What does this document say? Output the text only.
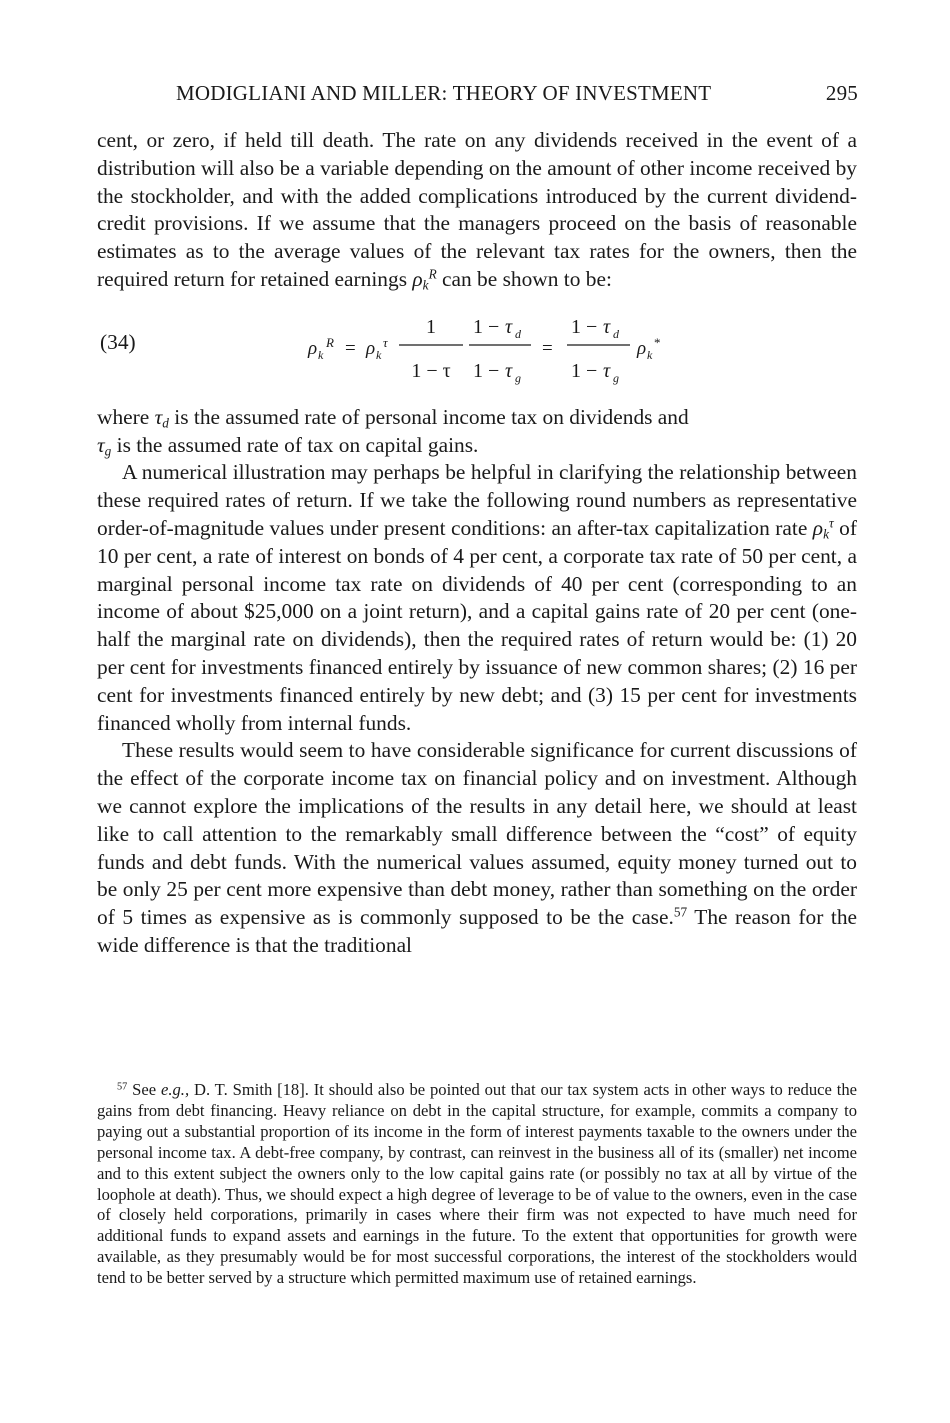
MODIGLIANI AND MILLER: THEORY OF INVESTMENT	295

cent, or zero, if held till death. The rate on any dividends received in the event of a distribution will also be a variable depending on the amount of other income received by the stockholder, and with the added complications introduced by the current dividend-credit provisions. If we assume that the managers proceed on the basis of reasonable estimates as to the average values of the relevant tax rates for the owners, then the required return for retained earnings $\rho_k^R$ can be shown to be:

(34)	ρ k
R = ρ k
τ
1
1 − τ
1 − τ d
1 − τ g
=
1 − τ d
1 − τ g
ρ k
*

where $\tau_d$ is the assumed rate of personal income tax on dividends and
$\tau_g$ is the assumed rate of tax on capital gains.

A numerical illustration may perhaps be helpful in clarifying the relationship between these required rates of return. If we take the following round numbers as representative order-of-magnitude values under present conditions: an after-tax capitalization rate $\rho_k^\tau$ of 10 per cent, a rate of interest on bonds of 4 per cent, a corporate tax rate of 50 per cent, a marginal personal income tax rate on dividends of 40 per cent (corresponding to an income of about $25,000 on a joint return), and a capital gains rate of 20 per cent (one-half the marginal rate on dividends), then the required rates of return would be: (1) 20 per cent for investments financed entirely by issuance of new common shares; (2) 16 per cent for investments financed entirely by new debt; and (3) 15 per cent for investments financed wholly from internal funds.

These results would seem to have considerable significance for current discussions of the effect of the corporate income tax on financial policy and on investment. Although we cannot explore the implications of the results in any detail here, we should at least like to call attention to the remarkably small difference between the “cost” of equity funds and debt funds. With the numerical values assumed, equity money turned out to be only 25 per cent more expensive than debt money, rather than something on the order of 5 times as expensive as is commonly supposed to be the case.$^{57}$ The reason for the wide difference is that the traditional

$^{57}$ See e.g., D. T. Smith [18]. It should also be pointed out that our tax system acts in other ways to reduce the gains from debt financing. Heavy reliance on debt in the capital structure, for example, commits a company to paying out a substantial proportion of its income in the form of interest payments taxable to the owners under the personal income tax. A debt-free company, by contrast, can reinvest in the business all of its (smaller) net income and to this extent subject the owners only to the low capital gains rate (or possibly no tax at all by virtue of the loophole at death). Thus, we should expect a high degree of leverage to be of value to the owners, even in the case of closely held corporations, primarily in cases where their firm was not expected to have much need for additional funds to expand assets and earnings in the future. To the extent that opportunities for growth were available, as they presumably would be for most successful corporations, the interest of the stockholders would tend to be better served by a structure which permitted maximum use of retained earnings.
